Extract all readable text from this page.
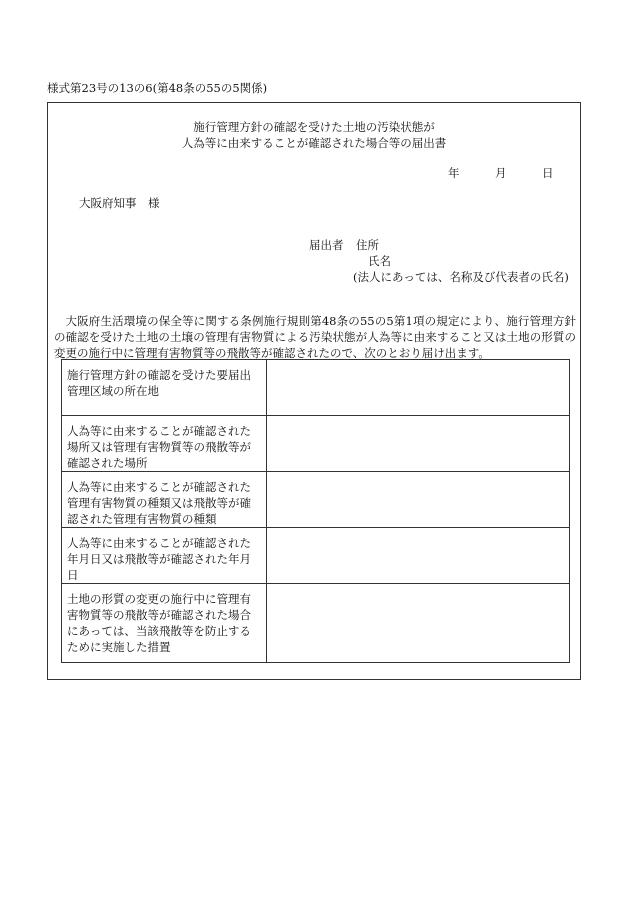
様式第23号の13の6(第48条の55の5関係)
施行管理方針の確認を受けた土地の汚染状態が
人為等に由来することが確認された場合等の届出書
年	月	日
大阪府知事　様
届出者 住所
氏名
(法人にあっては、名称及び代表者の氏名)

大阪府生活環境の保全等に関する条例施行規則第48条の55の5第1項の規定により、施行管理方針の確認を受けた土地の土壌の管理有害物質による汚染状態が人為等に由来すること又は土地の形質の変更の施行中に管理有害物質等の飛散等が確認されたので、次のとおり届け出ます。

施行管理方針の確認を受けた要届出管理区域の所在地	
人為等に由来することが確認された場所又は管理有害物質等の飛散等が確認された場所	
人為等に由来することが確認された管理有害物質の種類又は飛散等が確認された管理有害物質の種類	
人為等に由来することが確認された年月日又は飛散等が確認された年月日	
土地の形質の変更の施行中に管理有害物質等の飛散等が確認された場合にあっては、当該飛散等を防止するために実施した措置	
